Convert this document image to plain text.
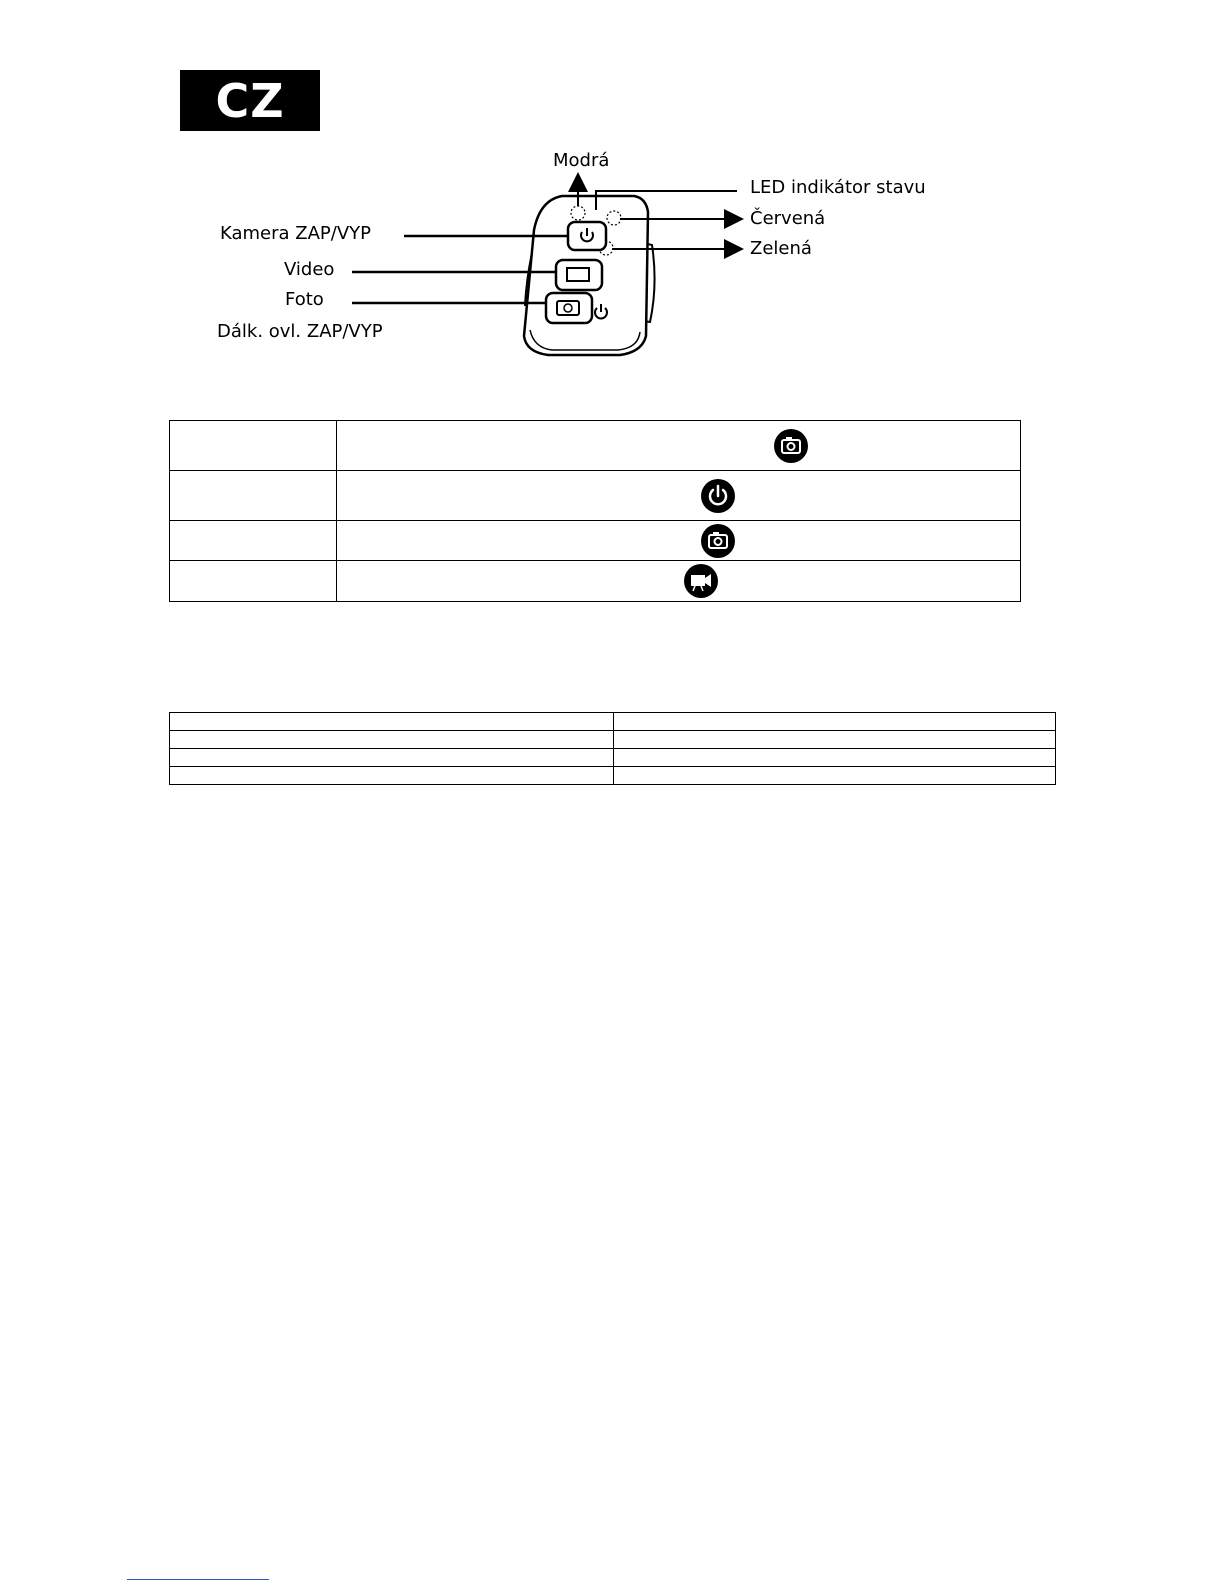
CZ
Modrá
LED indikátor stavu
Červená
Zelená
Kamera ZAP/VYP
Video
Foto
Dálk. ovl. ZAP/VYP
